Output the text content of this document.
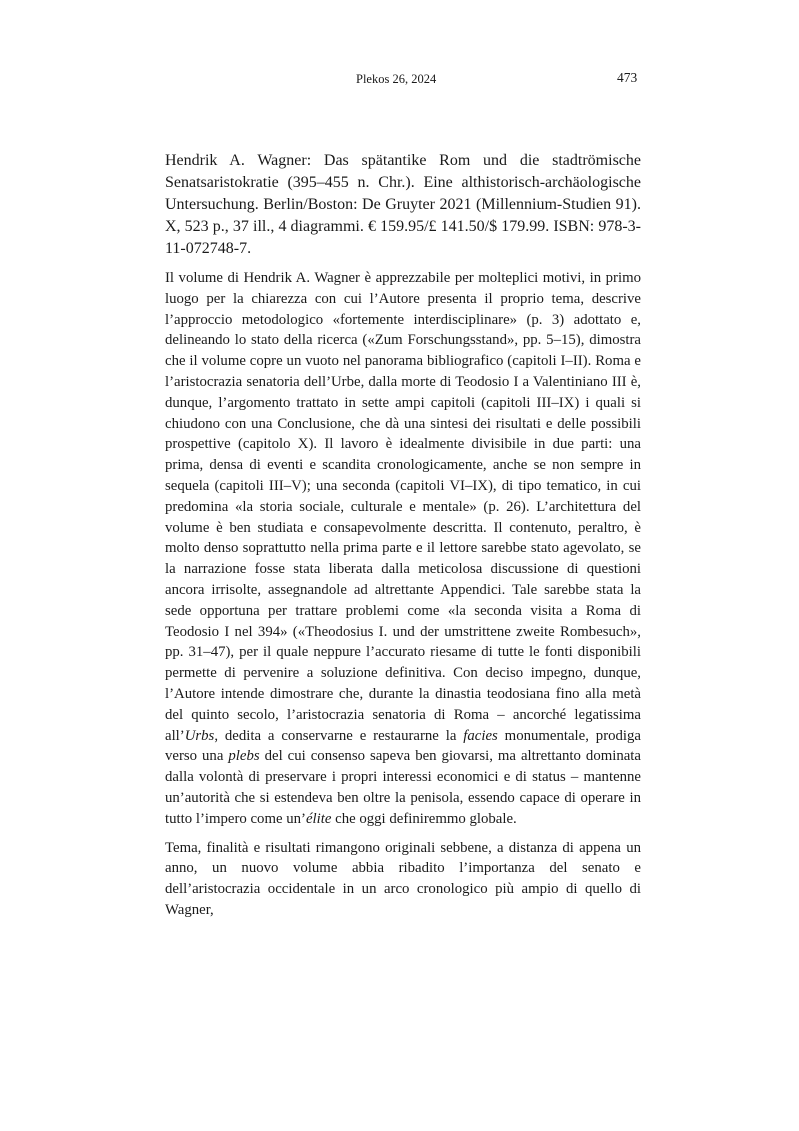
Plekos 26, 2024	473
Hendrik A. Wagner: Das spätantike Rom und die stadtrömische Senatsaristokratie (395–455 n. Chr.). Eine althistorisch-archäologische Untersuchung. Berlin/Boston: De Gruyter 2021 (Millennium-Studien 91). X, 523 p., 37 ill., 4 diagrammi. € 159.95/£ 141.50/$ 179.99. ISBN: 978-3-11-072748-7.

Il volume di Hendrik A. Wagner è apprezzabile per molteplici motivi, in primo luogo per la chiarezza con cui l’Autore presenta il proprio tema, descrive l’approccio metodologico «fortemente interdisciplinare» (p. 3) adottato e, delineando lo stato della ricerca («Zum Forschungsstand», pp. 5–15), dimostra che il volume copre un vuoto nel panorama bibliografico (capitoli I–II). Roma e l’aristocrazia senatoria dell’Urbe, dalla morte di Teodosio I a Valentiniano III è, dunque, l’argomento trattato in sette ampi capitoli (capitoli III–IX) i quali si chiudono con una Conclusione, che dà una sintesi dei risultati e delle possibili prospettive (capitolo X). Il lavoro è idealmente divisibile in due parti: una prima, densa di eventi e scandita cronologicamente, anche se non sempre in sequela (capitoli III–V); una seconda (capitoli VI–IX), di tipo tematico, in cui predomina «la storia sociale, culturale e mentale» (p. 26). L’architettura del volume è ben studiata e consapevolmente descritta. Il contenuto, peraltro, è molto denso soprattutto nella prima parte e il lettore sarebbe stato agevolato, se la narrazione fosse stata liberata dalla meticolosa discussione di questioni ancora irrisolte, assegnandole ad altrettante Appendici. Tale sarebbe stata la sede opportuna per trattare problemi come «la seconda visita a Roma di Teodosio I nel 394» («Theodosius I. und der umstrittene zweite Rombesuch», pp. 31–47), per il quale neppure l’accurato riesame di tutte le fonti disponibili permette di pervenire a soluzione definitiva. Con deciso impegno, dunque, l’Autore intende dimostrare che, durante la dinastia teodosiana fino alla metà del quinto secolo, l’aristocrazia senatoria di Roma – ancorché legatissima all’Urbs, dedita a conservarne e restaurarne la facies monumentale, prodiga verso una plebs del cui consenso sapeva ben giovarsi, ma altrettanto dominata dalla volontà di preservare i propri interessi economici e di status – mantenne un’autorità che si estendeva ben oltre la penisola, essendo capace di operare in tutto l’impero come un’élite che oggi definiremmo globale.

Tema, finalità e risultati rimangono originali sebbene, a distanza di appena un anno, un nuovo volume abbia ribadito l’importanza del senato e dell’aristocrazia occidentale in un arco cronologico più ampio di quello di Wagner,
